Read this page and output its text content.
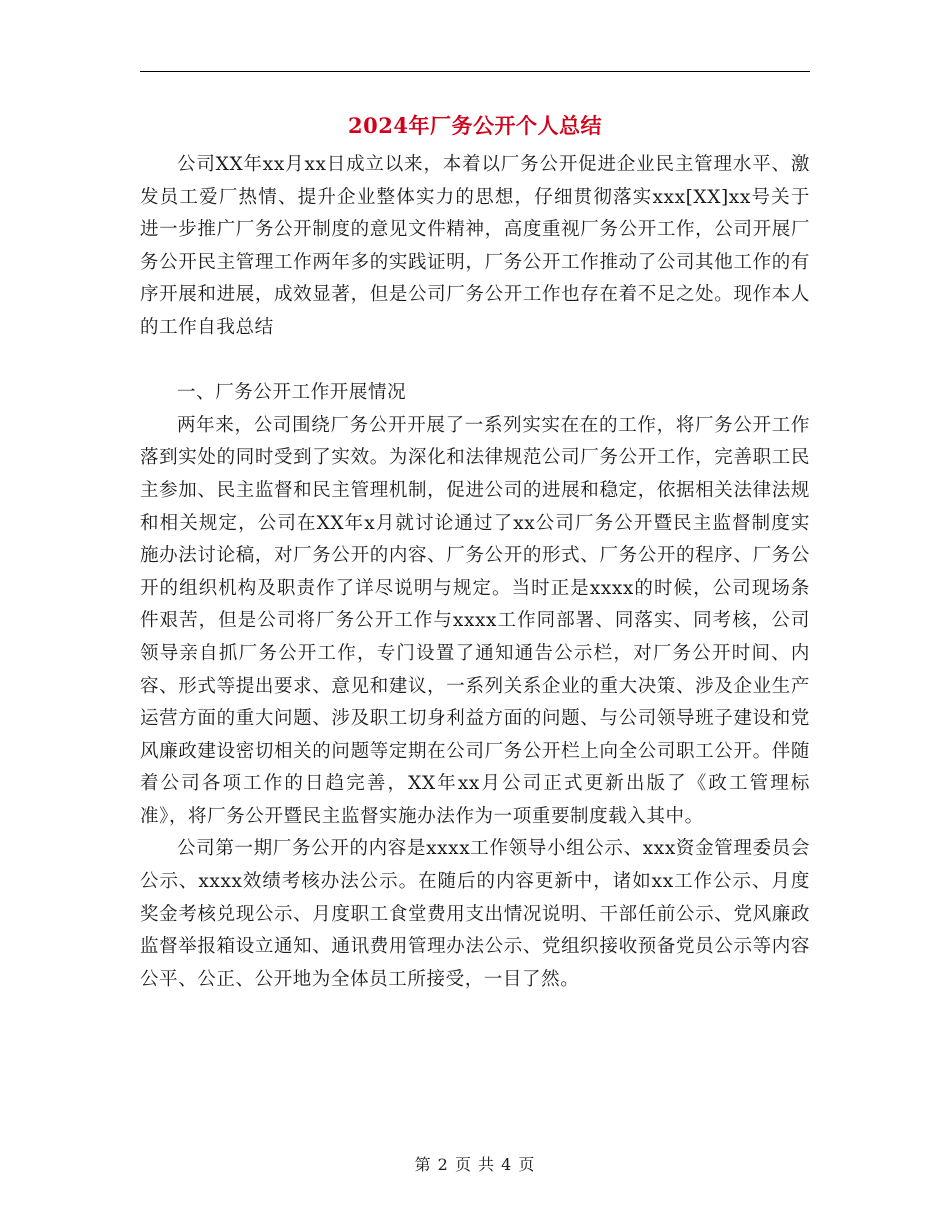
2024年厂务公开个人总结

公司XX年xx月xx日成立以来，本着以厂务公开促进企业民主管理水平、激发员工爱厂热情、提升企业整体实力的思想，仔细贯彻落实xxx[XX]xx号关于进一步推广厂务公开制度的意见文件精神，高度重视厂务公开工作，公司开展厂务公开民主管理工作两年多的实践证明，厂务公开工作推动了公司其他工作的有序开展和进展，成效显著，但是公司厂务公开工作也存在着不足之处。现作本人的工作自我总结

一、厂务公开工作开展情况

两年来，公司围绕厂务公开开展了一系列实实在在的工作，将厂务公开工作落到实处的同时受到了实效。为深化和法律规范公司厂务公开工作，完善职工民主参加、民主监督和民主管理机制，促进公司的进展和稳定，依据相关法律法规和相关规定，公司在XX年x月就讨论通过了xx公司厂务公开暨民主监督制度实施办法讨论稿，对厂务公开的内容、厂务公开的形式、厂务公开的程序、厂务公开的组织机构及职责作了详尽说明与规定。当时正是xxxx的时候，公司现场条件艰苦，但是公司将厂务公开工作与xxxx工作同部署、同落实、同考核，公司领导亲自抓厂务公开工作，专门设置了通知通告公示栏，对厂务公开时间、内容、形式等提出要求、意见和建议，一系列关系企业的重大决策、涉及企业生产运营方面的重大问题、涉及职工切身利益方面的问题、与公司领导班子建设和党风廉政建设密切相关的问题等定期在公司厂务公开栏上向全公司职工公开。伴随着公司各项工作的日趋完善，XX年xx月公司正式更新出版了《政工管理标准》，将厂务公开暨民主监督实施办法作为一项重要制度载入其中。

公司第一期厂务公开的内容是xxxx工作领导小组公示、xxx资金管理委员会公示、xxxx效绩考核办法公示。在随后的内容更新中，诸如xx工作公示、月度奖金考核兑现公示、月度职工食堂费用支出情况说明、干部任前公示、党风廉政监督举报箱设立通知、通讯费用管理办法公示、党组织接收预备党员公示等内容公平、公正、公开地为全体员工所接受，一目了然。

第 2 页 共 4 页
